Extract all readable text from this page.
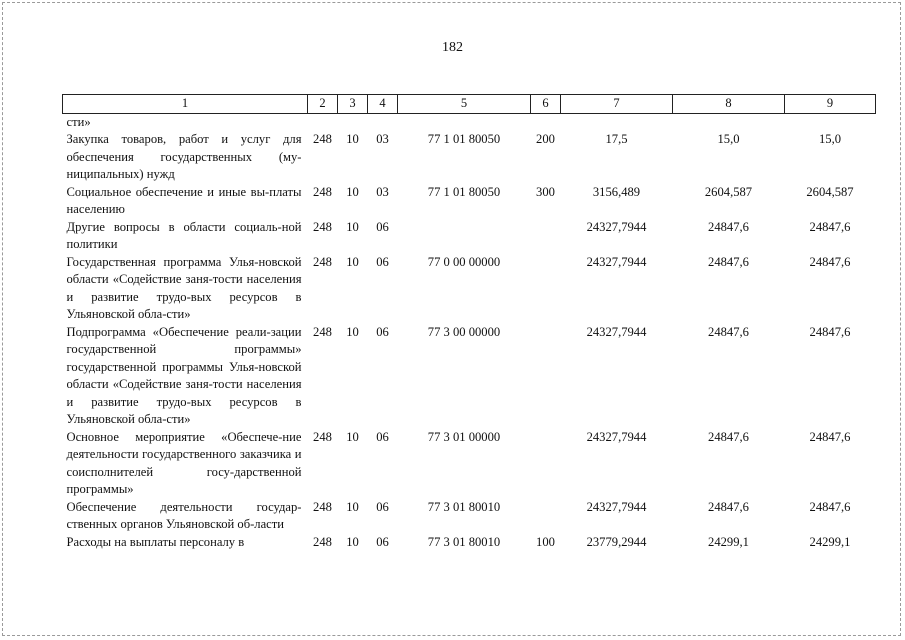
182
1	2	3	4	5	6	7	8	9
сти»								
Закупка товаров, работ и услуг для обеспечения государственных (му-ниципальных) нужд	248	10	03	77 1 01 80050	200	17,5	15,0	15,0
Социальное обеспечение и иные вы-платы населению	248	10	03	77 1 01 80050	300	3156,489	2604,587	2604,587
Другие вопросы в области социаль-ной политики	248	10	06			24327,7944	24847,6	24847,6
Государственная программа Улья-новской области «Содействие заня-тости населения и развитие трудо-вых ресурсов в Ульяновской обла-сти»	248	10	06	77 0 00 00000		24327,7944	24847,6	24847,6
Подпрограмма «Обеспечение реали-зации государственной программы» государственной программы Улья-новской области «Содействие заня-тости населения и развитие трудо-вых ресурсов в Ульяновской обла-сти»	248	10	06	77 3 00 00000		24327,7944	24847,6	24847,6
Основное мероприятие «Обеспече-ние деятельности государственного заказчика и соисполнителей госу-дарственной программы»	248	10	06	77 3 01 00000		24327,7944	24847,6	24847,6
Обеспечение деятельности государ-ственных органов Ульяновской об-ласти	248	10	06	77 3 01 80010		24327,7944	24847,6	24847,6
Расходы на выплаты персоналу в	248	10	06	77 3 01 80010	100	23779,2944	24299,1	24299,1
